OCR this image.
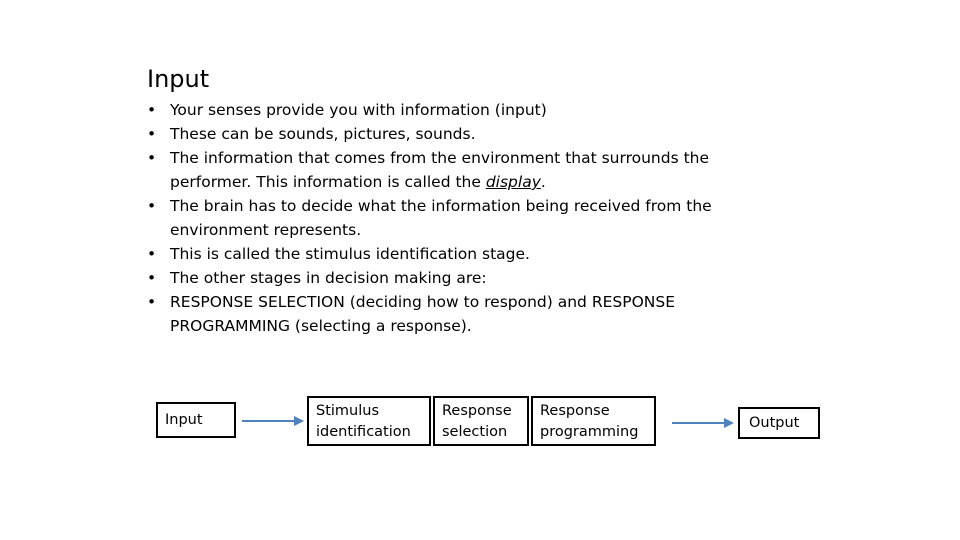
Input
• Your senses provide you with information (input)
• These can be sounds, pictures, sounds.
• The information that comes from the environment that surrounds the performer. This information is called the display.
• The brain has to decide what the information being received from the environment represents.
• This is called the stimulus identification stage.
• The other stages in decision making are:
• RESPONSE SELECTION (deciding how to respond) and RESPONSE PROGRAMMING (selecting a response).
Input
Stimulus
identification
Response
selection
Response
programming
Output
